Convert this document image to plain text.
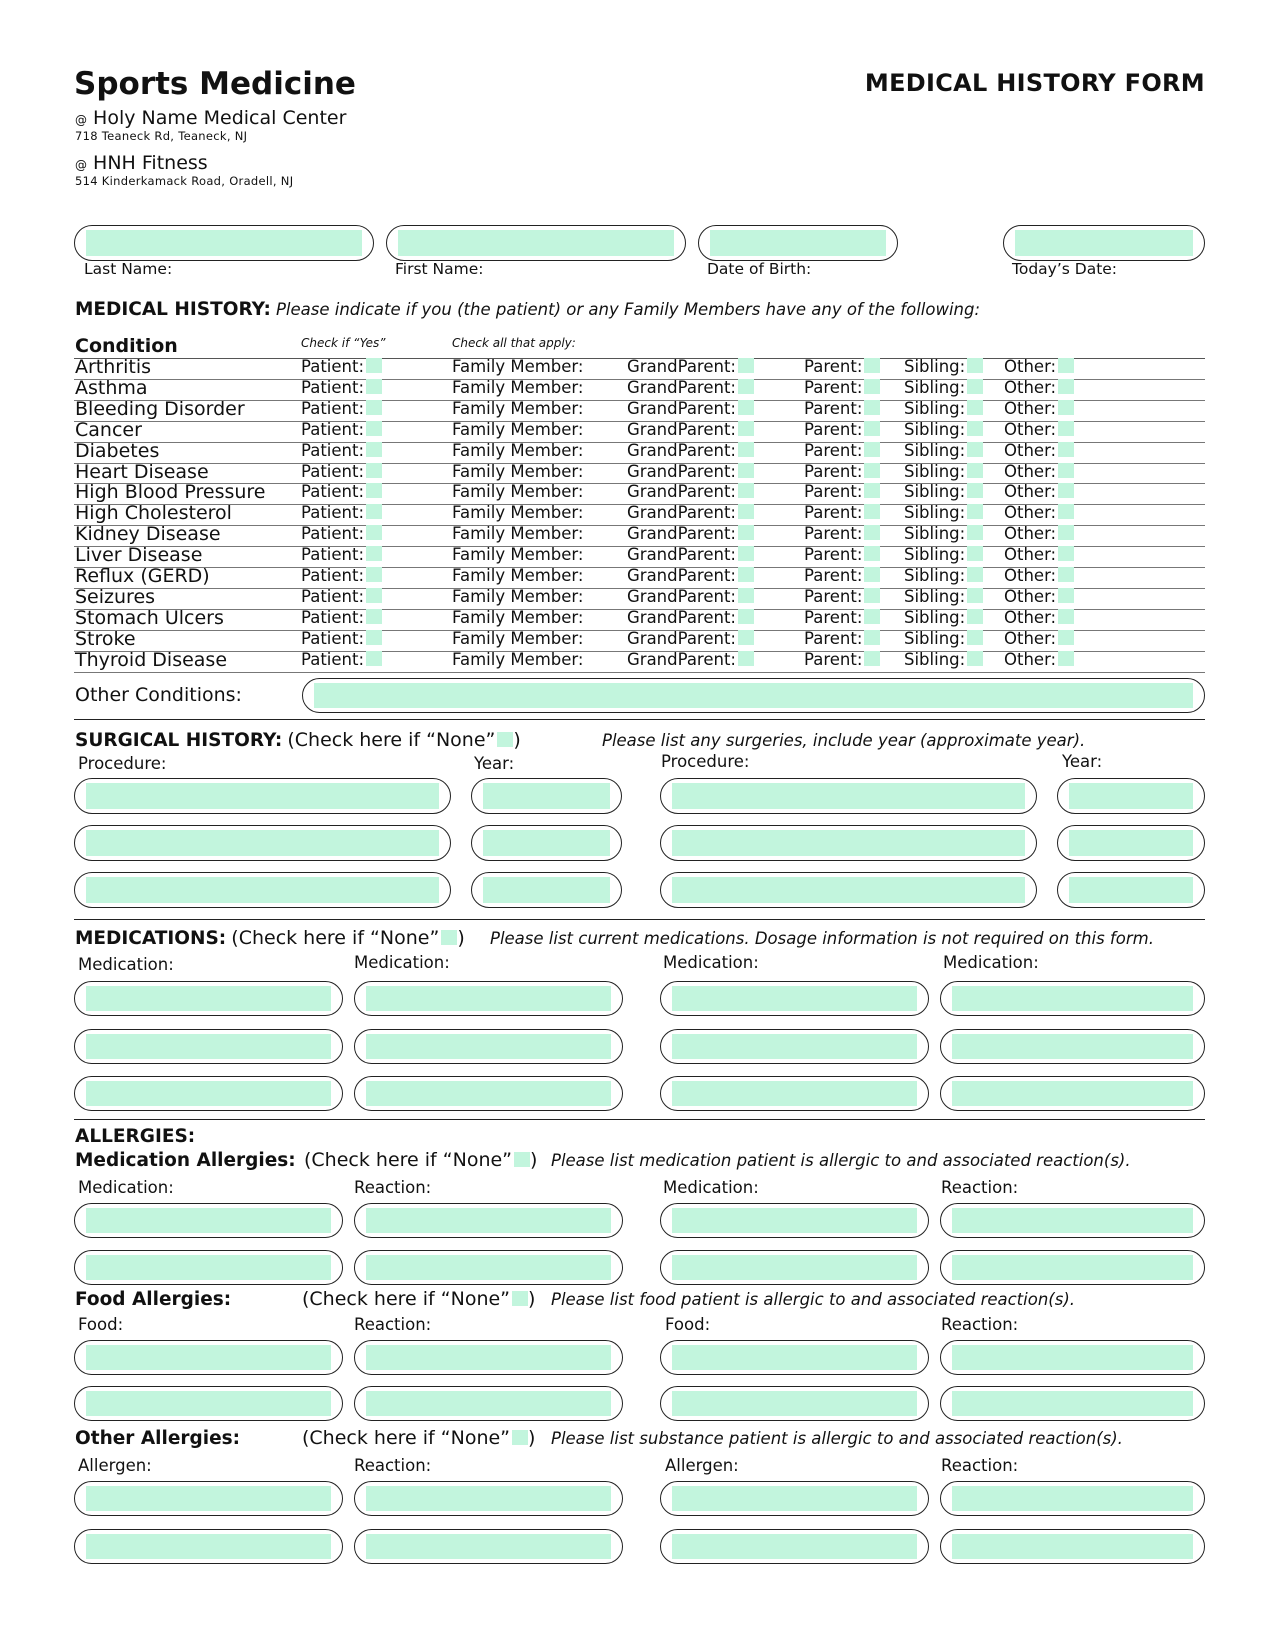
Sports Medicine	MEDICAL HISTORY FORM
@ Holy Name Medical Center
718 Teaneck Rd, Teaneck, NJ
@ HNH Fitness
514 Kinderkamack Road, Oradell, NJ
Last Name:	First Name:	Date of Birth:	Today’s Date:
MEDICAL HISTORY: Please indicate if you (the patient) or any Family Members have any of the following:
Condition	Check if “Yes”	Check all that apply:
Arthritis	Patient:	Family Member:	GrandParent:	Parent:	Sibling:	Other:
Asthma	Patient:	Family Member:	GrandParent:	Parent:	Sibling:	Other:
Bleeding Disorder	Patient:	Family Member:	GrandParent:	Parent:	Sibling:	Other:
Cancer	Patient:	Family Member:	GrandParent:	Parent:	Sibling:	Other:
Diabetes	Patient:	Family Member:	GrandParent:	Parent:	Sibling:	Other:
Heart Disease	Patient:	Family Member:	GrandParent:	Parent:	Sibling:	Other:
High Blood Pressure Patient:	Family Member:	GrandParent:	Parent:	Sibling:	Other:
High Cholesterol	Patient:	Family Member:	GrandParent:	Parent:	Sibling:	Other:
Kidney Disease	Patient:	Family Member:	GrandParent:	Parent:	Sibling:	Other:
Liver Disease	Patient:	Family Member:	GrandParent:	Parent:	Sibling:	Other:
Reflux (GERD)	Patient:	Family Member:	GrandParent:	Parent:	Sibling:	Other:
Seizures	Patient:	Family Member:	GrandParent:	Parent:	Sibling:	Other:
Stomach Ulcers	Patient:	Family Member:	GrandParent:	Parent:	Sibling:	Other:
Stroke	Patient:	Family Member:	GrandParent:	Parent:	Sibling:	Other:
Thyroid Disease	Patient:	Family Member:	GrandParent:	Parent:	Sibling:	Other:
Other Conditions:
SURGICAL HISTORY: (Check here if “None” )	Please list any surgeries, include year (approximate year).
Procedure:	Year:	Procedure:	Year:
MEDICATIONS: (Check here if “None” ) Please list current medications. Dosage information is not required on this form.
Medication:	Medication:	Medication:	Medication:
ALLERGIES:
Medication Allergies: (Check here if “None” ) Please list medication patient is allergic to and associated reaction(s).
Medication:	Reaction:	Medication:	Reaction:
Food Allergies:	(Check here if “None” ) Please list food patient is allergic to and associated reaction(s).
Food:	Reaction:	Food:	Reaction:
Other Allergies:	(Check here if “None” ) Please list substance patient is allergic to and associated reaction(s).
Allergen:	Reaction:	Allergen:	Reaction:
